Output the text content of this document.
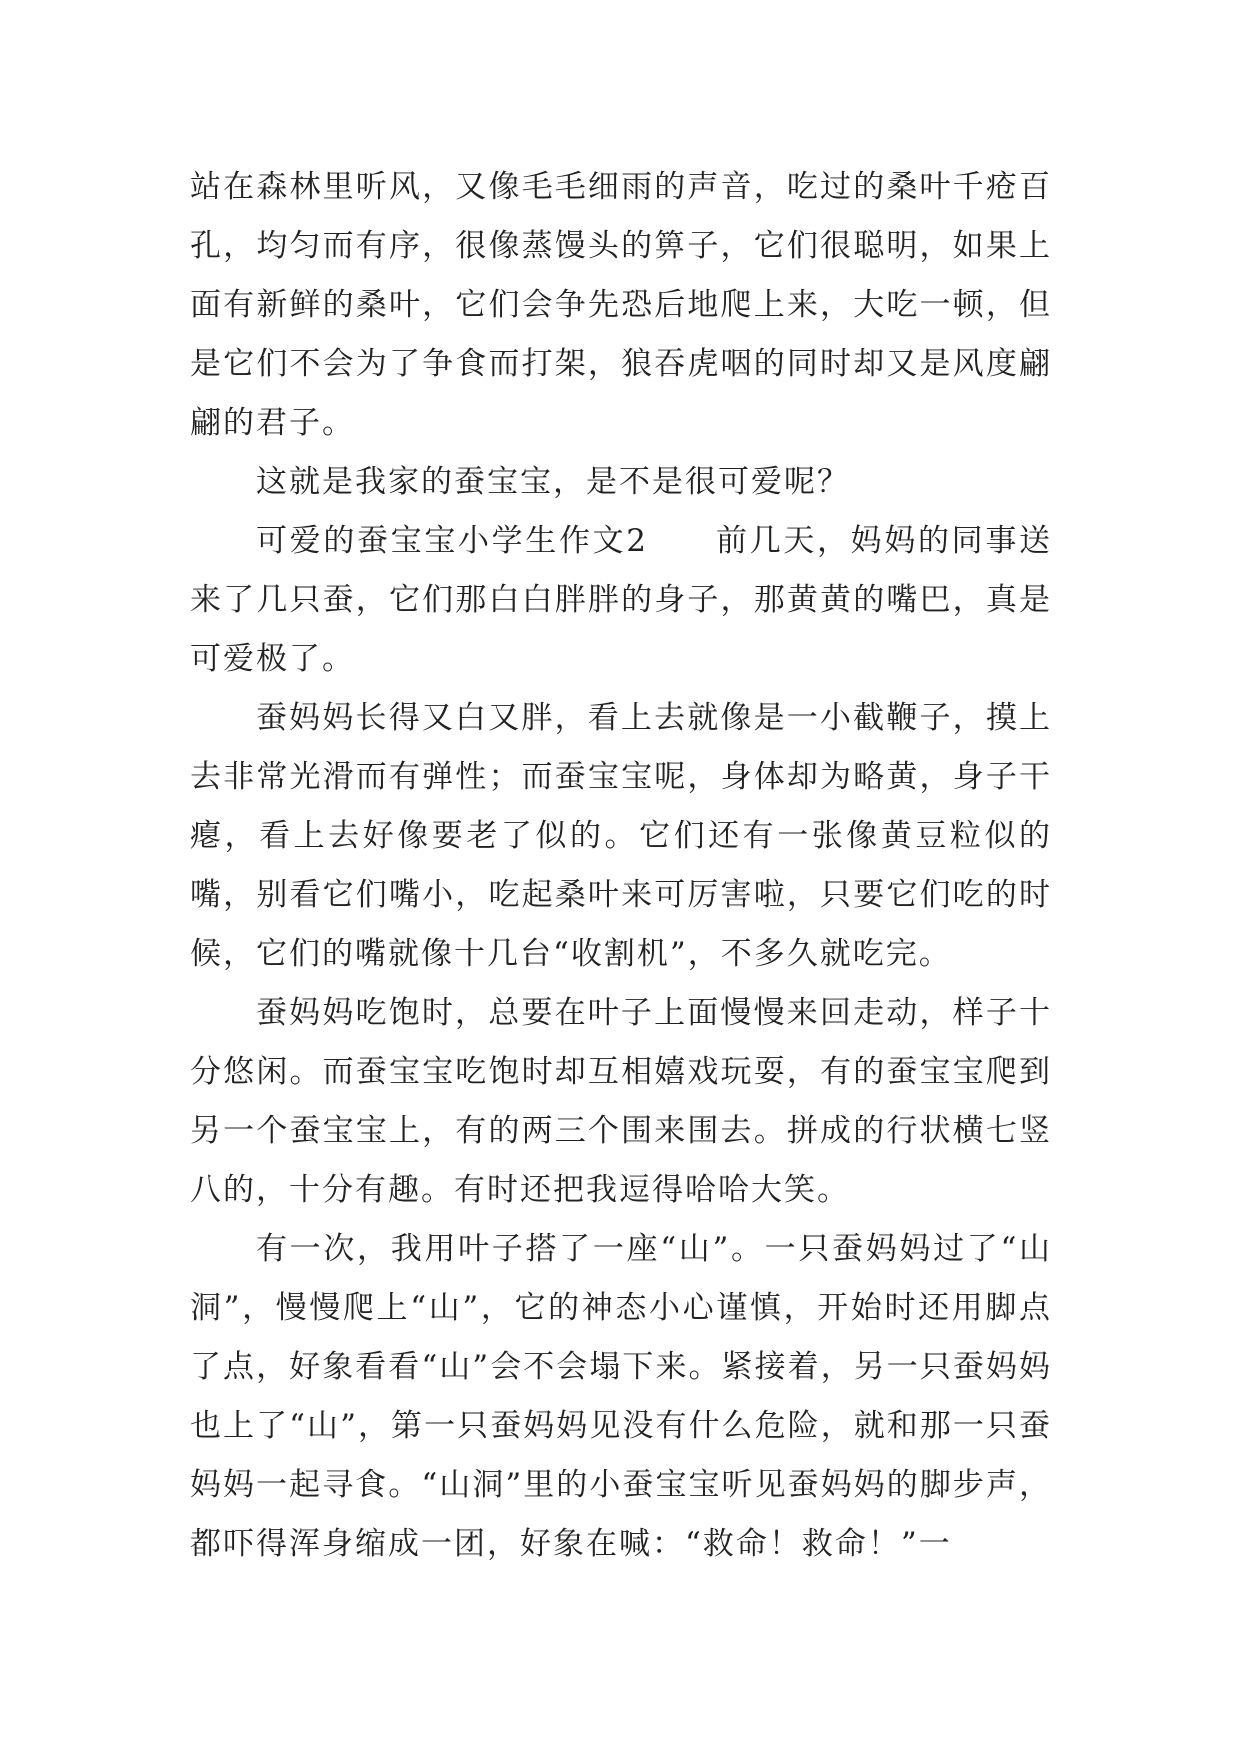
站在森林里听风，又像毛毛细雨的声音，吃过的桑叶千疮百孔，均匀而有序，很像蒸馒头的箅子，它们很聪明，如果上面有新鲜的桑叶，它们会争先恐后地爬上来，大吃一顿，但是它们不会为了争食而打架，狼吞虎咽的同时却又是风度翩翩的君子。

这就是我家的蚕宝宝，是不是很可爱呢？

可爱的蚕宝宝小学生作文2　　 前几天，妈妈的同事送来了几只蚕，它们那白白胖胖的身子，那黄黄的嘴巴，真是可爱极了。

蚕妈妈长得又白又胖，看上去就像是一小截鞭子，摸上去非常光滑而有弹性；而蚕宝宝呢，身体却为略黄，身子干瘪，看上去好像要老了似的。它们还有一张像黄豆粒似的嘴，别看它们嘴小，吃起桑叶来可厉害啦，只要它们吃的时候，它们的嘴就像十几台“收割机”，不多久就吃完。

蚕妈妈吃饱时，总要在叶子上面慢慢来回走动，样子十分悠闲。而蚕宝宝吃饱时却互相嬉戏玩耍，有的蚕宝宝爬到另一个蚕宝宝上，有的两三个围来围去。拼成的行状横七竖八的，十分有趣。有时还把我逗得哈哈大笑。

有一次，我用叶子搭了一座“山”。一只蚕妈妈过了“山洞”，慢慢爬上“山”，它的神态小心谨慎，开始时还用脚点了点，好象看看“山”会不会塌下来。紧接着，另一只蚕妈妈也上了“山”，第一只蚕妈妈见没有什么危险，就和那一只蚕妈妈一起寻食。“山洞”里的小蚕宝宝听见蚕妈妈的脚步声，都吓得浑身缩成一团，好象在喊：“救命！救命！”一
